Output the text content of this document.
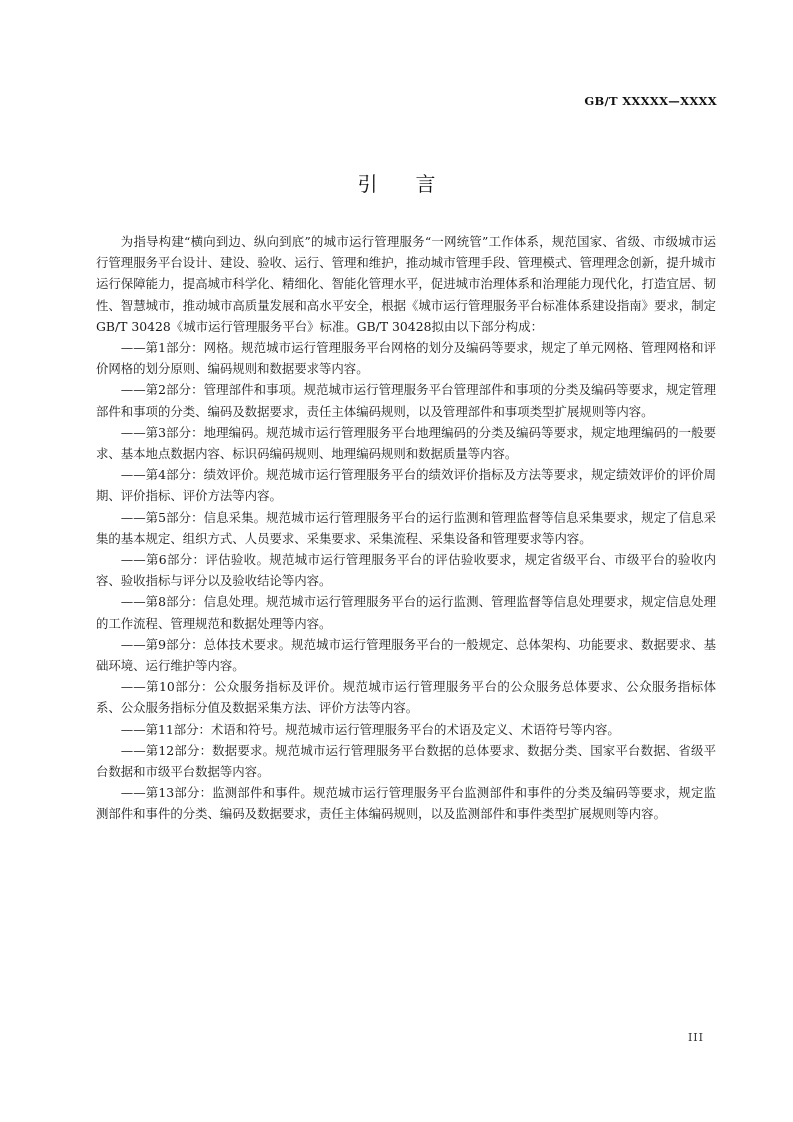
GB/T XXXXX—XXXX
引言

为指导构建“横向到边、纵向到底”的城市运行管理服务“一网统管”工作体系，规范国家、省级、市级城市运行管理服务平台设计、建设、验收、运行、管理和维护，推动城市管理手段、管理模式、管理理念创新，提升城市运行保障能力，提高城市科学化、精细化、智能化管理水平，促进城市治理体系和治理能力现代化，打造宜居、韧性、智慧城市，推动城市高质量发展和高水平安全，根据《城市运行管理服务平台标准体系建设指南》要求，制定GB/T 30428《城市运行管理服务平台》标准。GB/T 30428拟由以下部分构成：

——第1部分：网格。规范城市运行管理服务平台网格的划分及编码等要求，规定了单元网格、管理网格和评价网格的划分原则、编码规则和数据要求等内容。

——第2部分：管理部件和事项。规范城市运行管理服务平台管理部件和事项的分类及编码等要求，规定管理部件和事项的分类、编码及数据要求，责任主体编码规则，以及管理部件和事项类型扩展规则等内容。

——第3部分：地理编码。规范城市运行管理服务平台地理编码的分类及编码等要求，规定地理编码的一般要求、基本地点数据内容、标识码编码规则、地理编码规则和数据质量等内容。

——第4部分：绩效评价。规范城市运行管理服务平台的绩效评价指标及方法等要求，规定绩效评价的评价周期、评价指标、评价方法等内容。

——第5部分：信息采集。规范城市运行管理服务平台的运行监测和管理监督等信息采集要求，规定了信息采集的基本规定、组织方式、人员要求、采集要求、采集流程、采集设备和管理要求等内容。

——第6部分：评估验收。规范城市运行管理服务平台的评估验收要求，规定省级平台、市级平台的验收内容、验收指标与评分以及验收结论等内容。

——第8部分：信息处理。规范城市运行管理服务平台的运行监测、管理监督等信息处理要求，规定信息处理的工作流程、管理规范和数据处理等内容。

——第9部分：总体技术要求。规范城市运行管理服务平台的一般规定、总体架构、功能要求、数据要求、基础环境、运行维护等内容。

——第10部分：公众服务指标及评价。规范城市运行管理服务平台的公众服务总体要求、公众服务指标体系、公众服务指标分值及数据采集方法、评价方法等内容。

——第11部分：术语和符号。规范城市运行管理服务平台的术语及定义、术语符号等内容。

——第12部分：数据要求。规范城市运行管理服务平台数据的总体要求、数据分类、国家平台数据、省级平台数据和市级平台数据等内容。

——第13部分：监测部件和事件。规范城市运行管理服务平台监测部件和事件的分类及编码等要求，规定监测部件和事件的分类、编码及数据要求，责任主体编码规则，以及监测部件和事件类型扩展规则等内容。

III
